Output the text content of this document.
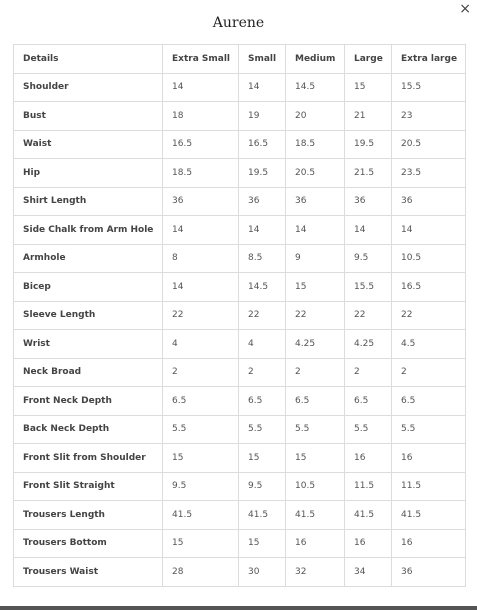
Aurene
×
Details	Extra Small	Small	Medium	Large	Extra large
Shoulder	14	14	14.5	15	15.5
Bust	18	19	20	21	23
Waist	16.5	16.5	18.5	19.5	20.5
Hip	18.5	19.5	20.5	21.5	23.5
Shirt Length	36	36	36	36	36
Side Chalk from Arm Hole	14	14	14	14	14
Armhole	8	8.5	9	9.5	10.5
Bicep	14	14.5	15	15.5	16.5
Sleeve Length	22	22	22	22	22
Wrist	4	4	4.25	4.25	4.5
Neck Broad	2	2	2	2	2
Front Neck Depth	6.5	6.5	6.5	6.5	6.5
Back Neck Depth	5.5	5.5	5.5	5.5	5.5
Front Slit from Shoulder	15	15	15	16	16
Front Slit Straight	9.5	9.5	10.5	11.5	11.5
Trousers Length	41.5	41.5	41.5	41.5	41.5
Trousers Bottom	15	15	16	16	16
Trousers Waist	28	30	32	34	36
